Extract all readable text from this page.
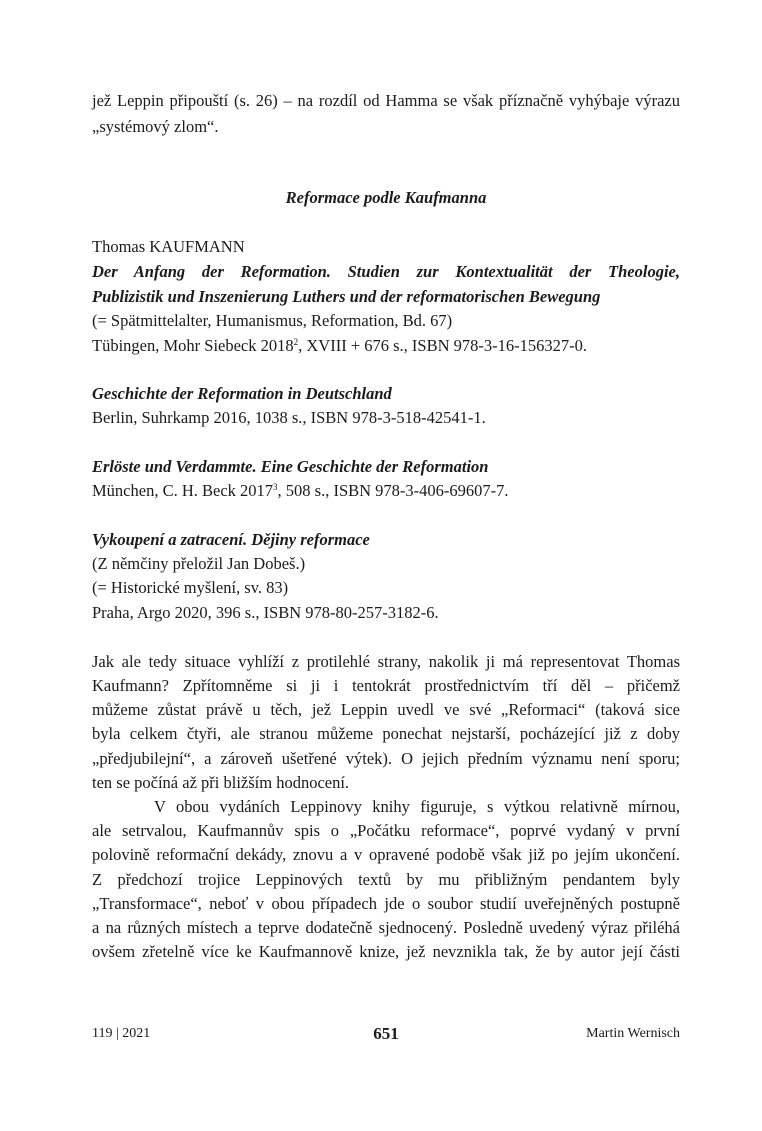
jež Leppin připouští (s. 26) – na rozdíl od Hamma se však příznačně vyhýbaje výrazu
„systémový zlom“.
Reformace podle Kaufmanna
Thomas KAUFMANN
Der Anfang der Reformation. Studien zur Kontextualität der Theologie,
Publizistik und Inszenierung Luthers und der reformatorischen Bewegung
(= Spätmittelalter, Humanismus, Reformation, Bd. 67)
Tübingen, Mohr Siebeck 2018$^2$, XVIII + 676 s., ISBN 978-3-16-156327-0.
Geschichte der Reformation in Deutschland
Berlin, Suhrkamp 2016, 1038 s., ISBN 978-3-518-42541-1.
Erlöste und Verdammte. Eine Geschichte der Reformation
München, C. H. Beck 2017$^3$, 508 s., ISBN 978-3-406-69607-7.
Vykoupení a zatracení. Dějiny reformace
(Z němčiny přeložil Jan Dobeš.)
(= Historické myšlení, sv. 83)
Praha, Argo 2020, 396 s., ISBN 978-80-257-3182-6.
Jak ale tedy situace vyhlíží z protilehlé strany, nakolik ji má representovat Thomas
Kaufmann? Zpřítomněme si ji i tentokrát prostřednictvím tří děl – přičemž
můžeme zůstat právě u těch, jež Leppin uvedl ve své „Reformaci“ (taková sice
byla celkem čtyři, ale stranou můžeme ponechat nejstarší, pocházející již z doby
„předjubilejní“, a zároveň ušetřené výtek). O jejich předním významu není sporu;
ten se počíná až při bližším hodnocení.
V obou vydáních Leppinovy knihy figuruje, s výtkou relativně mírnou,
ale setrvalou, Kaufmannův spis o „Počátku reformace“, poprvé vydaný v první
polovině reformační dekády, znovu a v opravené podobě však již po jejím ukončení.
Z předchozí trojice Leppinových textů by mu přibližným pendantem byly
„Transformace“, neboť v obou případech jde o soubor studií uveřejněných postupně
a na různých místech a teprve dodatečně sjednocený. Posledně uvedený výraz přiléhá
ovšem zřetelně více ke Kaufmannově knize, jež nevznikla tak, že by autor její části
119 | 2021	651	Martin Wernisch
